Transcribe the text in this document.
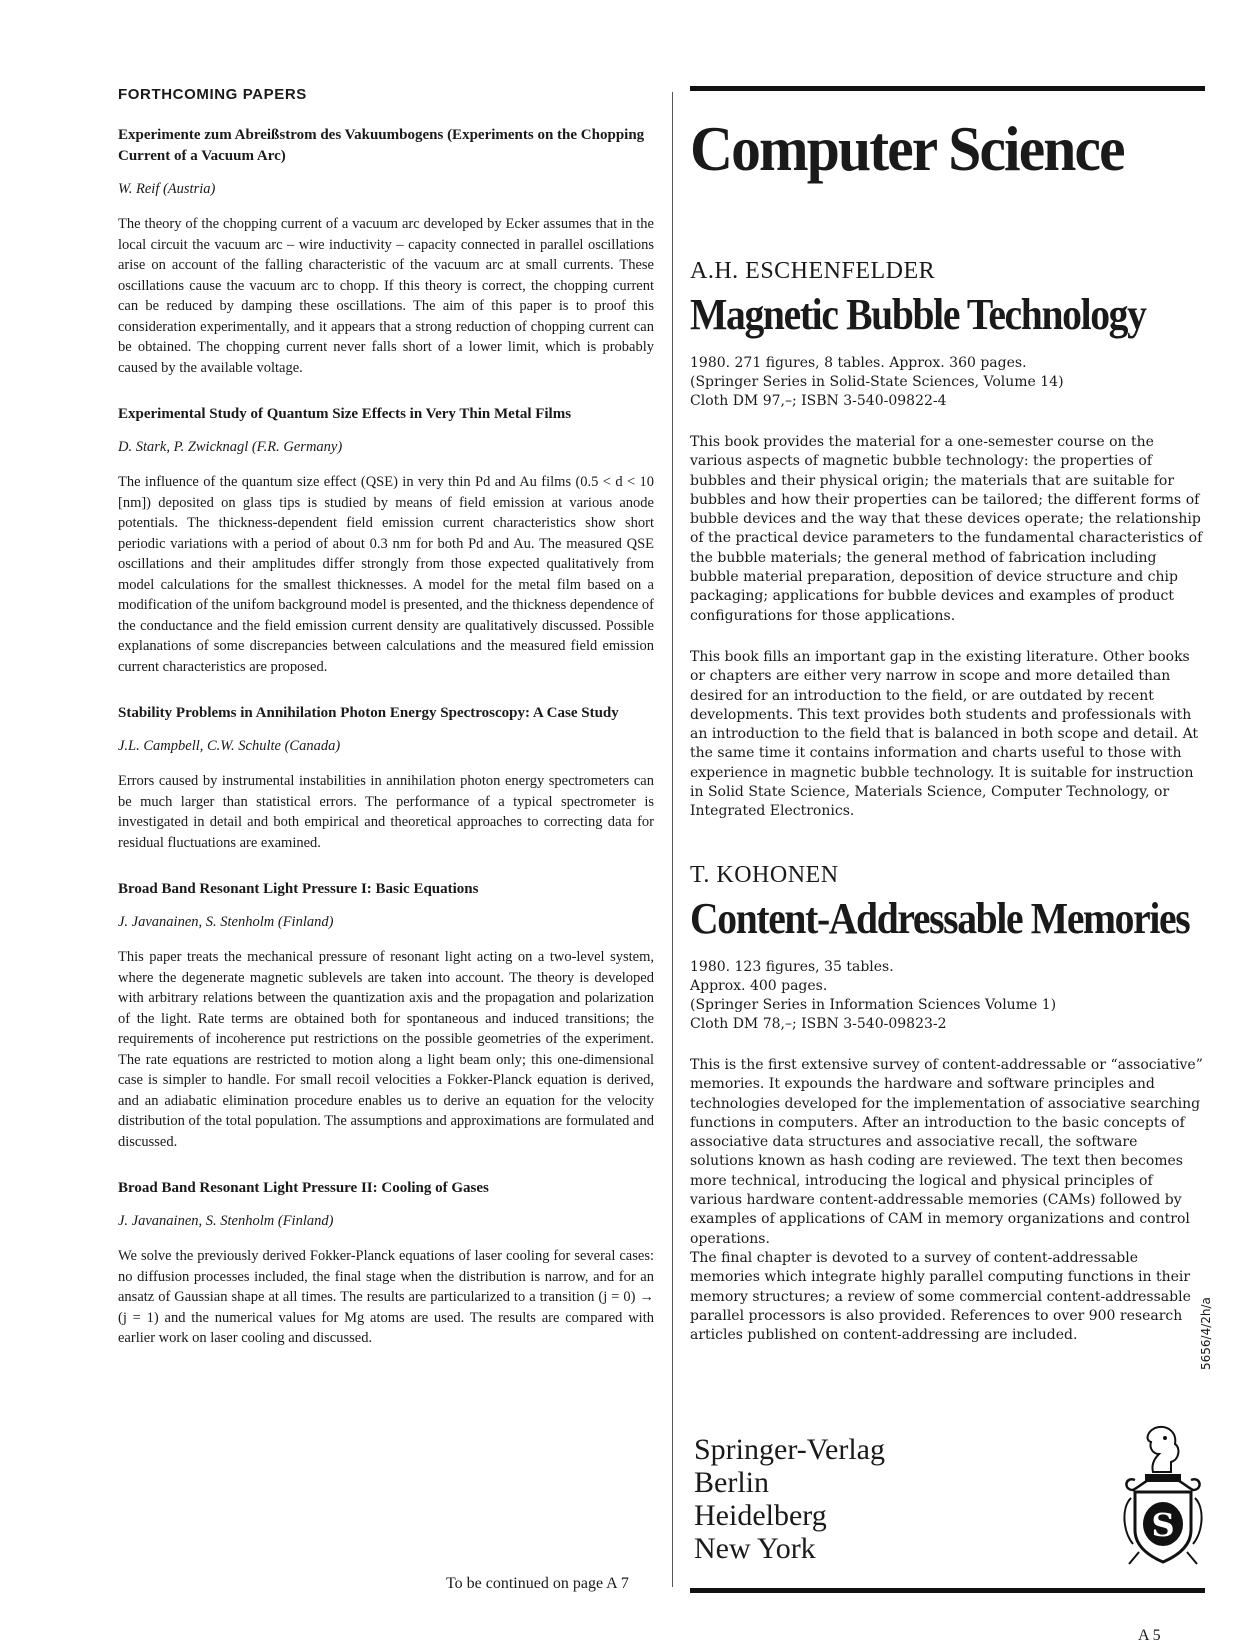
FORTHCOMING PAPERS

Experimente zum Abreißstrom des Vakuumbogens (Experiments on the Chopping Current of a Vacuum Arc)

W. Reif (Austria)

The theory of the chopping current of a vacuum arc developed by Ecker assumes that in the local circuit the vacuum arc – wire inductivity – capacity connected in parallel oscillations arise on account of the falling characteristic of the vacuum arc at small currents. These oscillations cause the vacuum arc to chopp. If this theory is correct, the chopping current can be reduced by damping these oscillations. The aim of this paper is to proof this consideration experimentally, and it appears that a strong reduction of chopping current can be obtained. The chopping current never falls short of a lower limit, which is probably caused by the available voltage.

Experimental Study of Quantum Size Effects in Very Thin Metal Films

D. Stark, P. Zwicknagl (F.R. Germany)

The influence of the quantum size effect (QSE) in very thin Pd and Au films (0.5 < d < 10 [nm]) deposited on glass tips is studied by means of field emission at various anode potentials. The thickness-dependent field emission current characteristics show short periodic variations with a period of about 0.3 nm for both Pd and Au. The measured QSE oscillations and their amplitudes differ strongly from those expected qualitatively from model calculations for the smallest thicknesses. A model for the metal film based on a modification of the unifom background model is presented, and the thickness dependence of the conductance and the field emission current density are qualitatively discussed. Possible explanations of some discrepancies between calculations and the measured field emission current characteristics are proposed.

Stability Problems in Annihilation Photon Energy Spectroscopy: A Case Study

J.L. Campbell, C.W. Schulte (Canada)

Errors caused by instrumental instabilities in annihilation photon energy spectrometers can be much larger than statistical errors. The performance of a typical spectrometer is investigated in detail and both empirical and theoretical approaches to correcting data for residual fluctuations are examined.

Broad Band Resonant Light Pressure I: Basic Equations

J. Javanainen, S. Stenholm (Finland)

This paper treats the mechanical pressure of resonant light acting on a two-level system, where the degenerate magnetic sublevels are taken into account. The theory is developed with arbitrary relations between the quantization axis and the propagation and polarization of the light. Rate terms are obtained both for spontaneous and induced transitions; the requirements of incoherence put restrictions on the possible geometries of the experiment. The rate equations are restricted to motion along a light beam only; this one-dimensional case is simpler to handle. For small recoil velocities a Fokker-Planck equation is derived, and an adiabatic elimination procedure enables us to derive an equation for the velocity distribution of the total population. The assumptions and approximations are formulated and discussed.

Broad Band Resonant Light Pressure II: Cooling of Gases

J. Javanainen, S. Stenholm (Finland)

We solve the previously derived Fokker-Planck equations of laser cooling for several cases: no diffusion processes included, the final stage when the distribution is narrow, and for an ansatz of Gaussian shape at all times. The results are particularized to a transition (j = 0) → (j = 1) and the numerical values for Mg atoms are used. The results are compared with earlier work on laser cooling and discussed.

To be continued on page A 7
Computer Science

A.H. ESCHENFELDER

Magnetic Bubble Technology
1980. 271 figures, 8 tables. Approx. 360 pages.
(Springer Series in Solid-State Sciences, Volume 14)
Cloth DM 97,–; ISBN 3-540-09822-4

This book provides the material for a one-semester course on the various aspects of magnetic bubble technology: the properties of bubbles and their physical origin; the materials that are suitable for bubbles and how their properties can be tailored; the different forms of bubble devices and the way that these devices operate; the relationship of the practical device parameters to the fundamental characteristics of the bubble materials; the general method of fabrication including bubble material preparation, deposition of device structure and chip packaging; applications for bubble devices and examples of product configurations for those applications.

This book fills an important gap in the existing literature. Other books or chapters are either very narrow in scope and more detailed than desired for an introduction to the field, or are outdated by recent developments. This text provides both students and professionals with an introduction to the field that is balanced in both scope and detail. At the same time it contains information and charts useful to those with experience in magnetic bubble technology. It is suitable for instruction in Solid State Science, Materials Science, Computer Technology, or Integrated Electronics.

T. KOHONEN

Content-Addressable Memories
1980. 123 figures, 35 tables.
Approx. 400 pages.
(Springer Series in Information Sciences Volume 1)
Cloth DM 78,–; ISBN 3-540-09823-2

This is the first extensive survey of content-addressable or “associative” memories. It expounds the hardware and software principles and technologies developed for the implementation of associative searching functions in computers. After an introduction to the basic concepts of associative data structures and associative recall, the software solutions known as hash coding are reviewed. The text then becomes more technical, introducing the logical and physical principles of various hardware content-addressable memories (CAMs) followed by examples of applications of CAM in memory organizations and control operations.

The final chapter is devoted to a survey of content-addressable memories which integrate highly parallel computing functions in their memory structures; a review of some commercial content-addressable parallel processors is also provided. References to over 900 research articles published on content-addressing are included.

Springer-Verlag
Berlin
Heidelberg
New York
5656/4/2h/a
S
A 5
